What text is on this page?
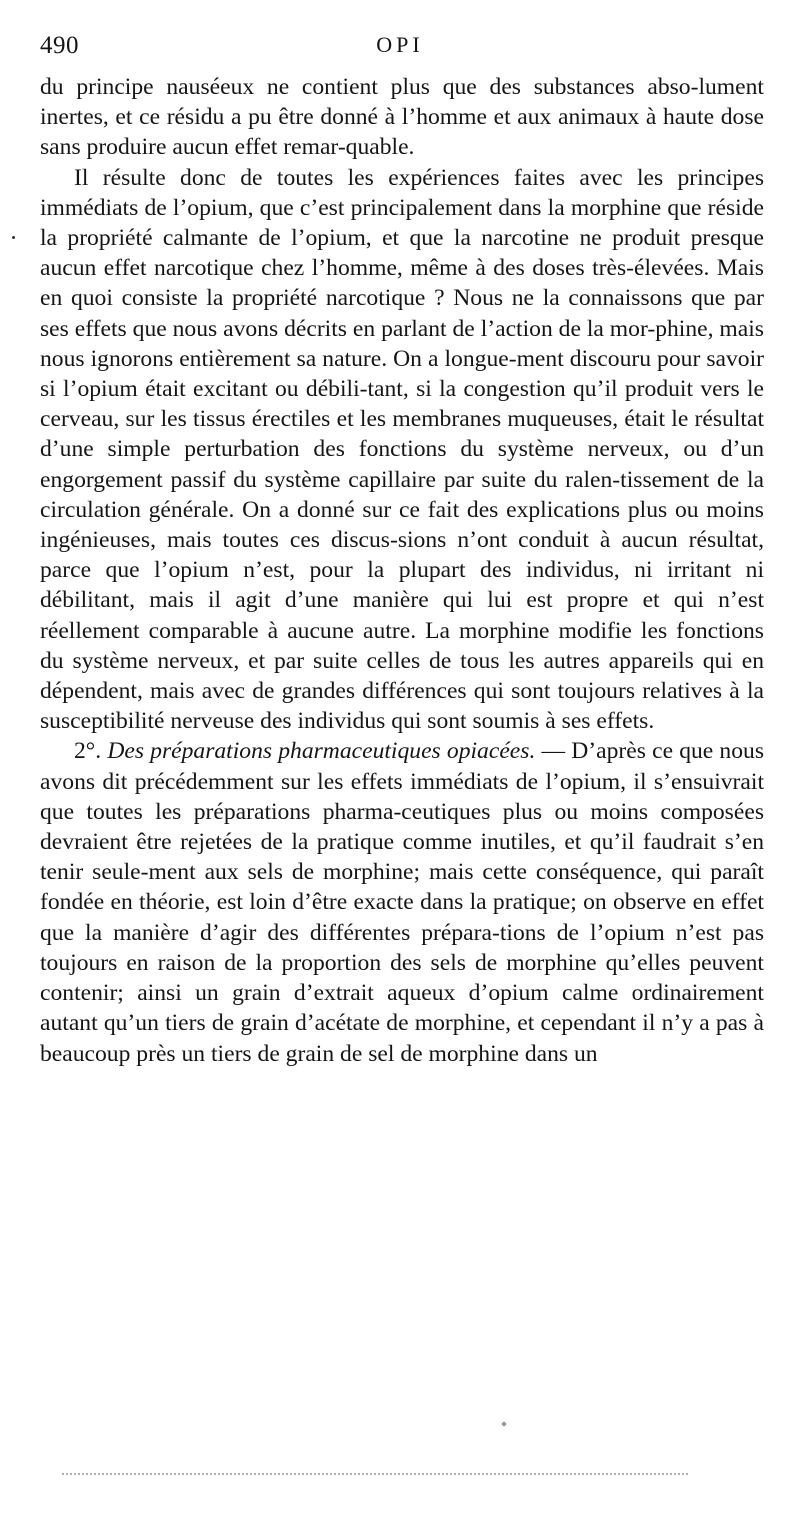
490	OPI

du principe nauséeux ne contient plus que des substances abso-lument inertes, et ce résidu a pu être donné à l’homme et aux animaux à haute dose sans produire aucun effet remar-quable.

Il résulte donc de toutes les expériences faites avec les principes immédiats de l’opium, que c’est principalement dans la morphine que réside la propriété calmante de l’opium, et que la narcotine ne produit presque aucun effet narcotique chez l’homme, même à des doses très-élevées. Mais en quoi consiste la propriété narcotique ? Nous ne la connaissons que par ses effets que nous avons décrits en parlant de l’action de la mor-phine, mais nous ignorons entièrement sa nature. On a longue-ment discouru pour savoir si l’opium était excitant ou débili-tant, si la congestion qu’il produit vers le cerveau, sur les tissus érectiles et les membranes muqueuses, était le résultat d’une simple perturbation des fonctions du système nerveux, ou d’un engorgement passif du système capillaire par suite du ralen-tissement de la circulation générale. On a donné sur ce fait des explications plus ou moins ingénieuses, mais toutes ces discus-sions n’ont conduit à aucun résultat, parce que l’opium n’est, pour la plupart des individus, ni irritant ni débilitant, mais il agit d’une manière qui lui est propre et qui n’est réellement comparable à aucune autre. La morphine modifie les fonctions du système nerveux, et par suite celles de tous les autres appareils qui en dépendent, mais avec de grandes différences qui sont toujours relatives à la susceptibilité nerveuse des individus qui sont soumis à ses effets.

2°. Des préparations pharmaceutiques opiacées. — D’après ce que nous avons dit précédemment sur les effets immédiats de l’opium, il s’ensuivrait que toutes les préparations pharma-ceutiques plus ou moins composées devraient être rejetées de la pratique comme inutiles, et qu’il faudrait s’en tenir seule-ment aux sels de morphine; mais cette conséquence, qui paraît fondée en théorie, est loin d’être exacte dans la pratique; on observe en effet que la manière d’agir des différentes prépara-tions de l’opium n’est pas toujours en raison de la proportion des sels de morphine qu’elles peuvent contenir; ainsi un grain d’extrait aqueux d’opium calme ordinairement autant qu’un tiers de grain d’acétate de morphine, et cependant il n’y a pas à beaucoup près un tiers de grain de sel de morphine dans un
